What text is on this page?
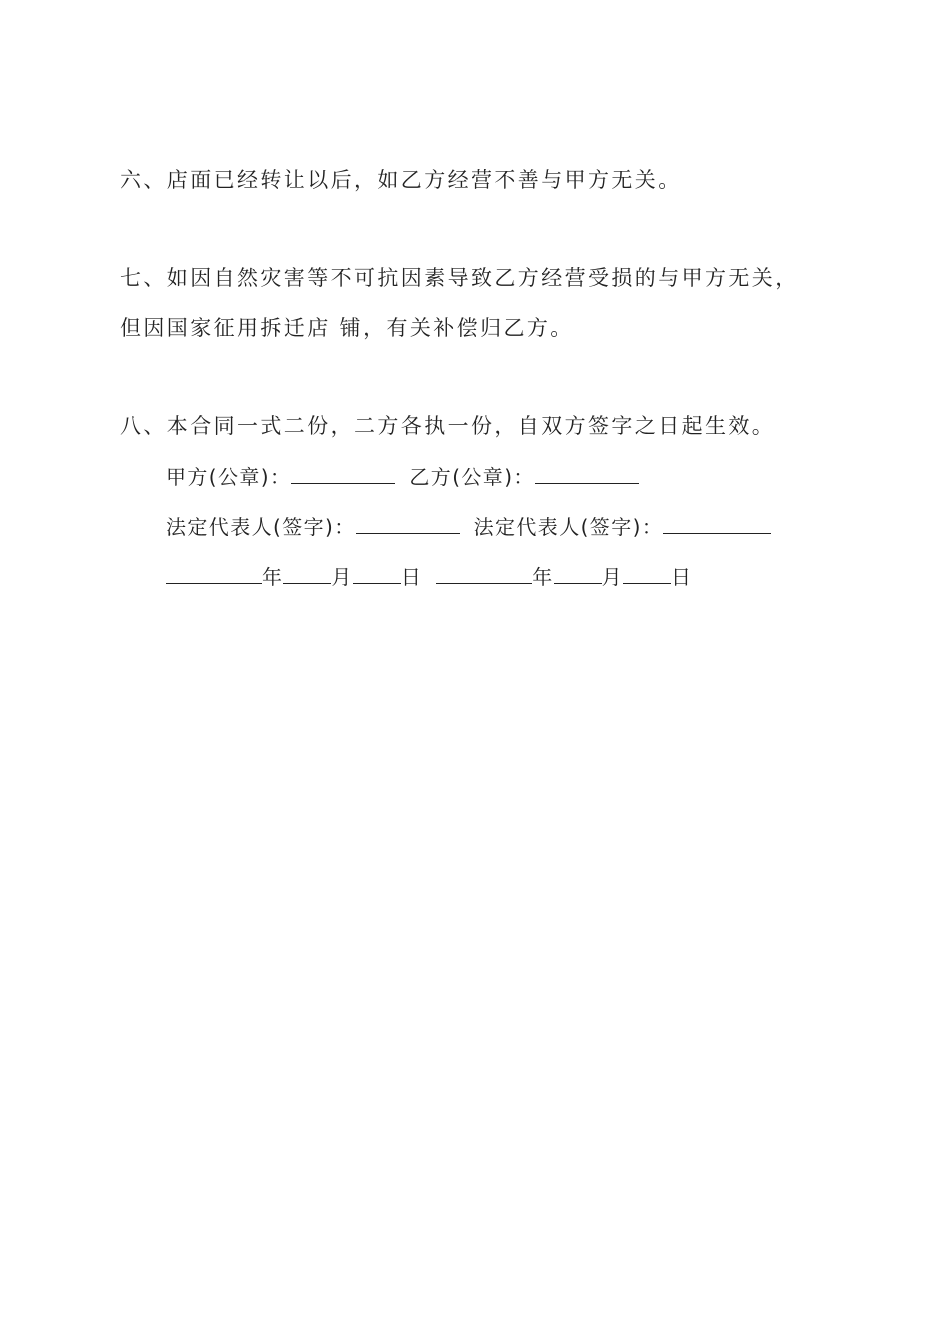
六、店面已经转让以后，如乙方经营不善与甲方无关。
七、如因自然灾害等不可抗因素导致乙方经营受损的与甲方无关，
但因国家征用拆迁店 铺，有关补偿归乙方。
八、本合同一式二份，二方各执一份，自双方签字之日起生效。
甲方(公章)：	乙方(公章)：
法定代表人(签字)：	法定代表人(签字)：
年 月 日	年 月 日
